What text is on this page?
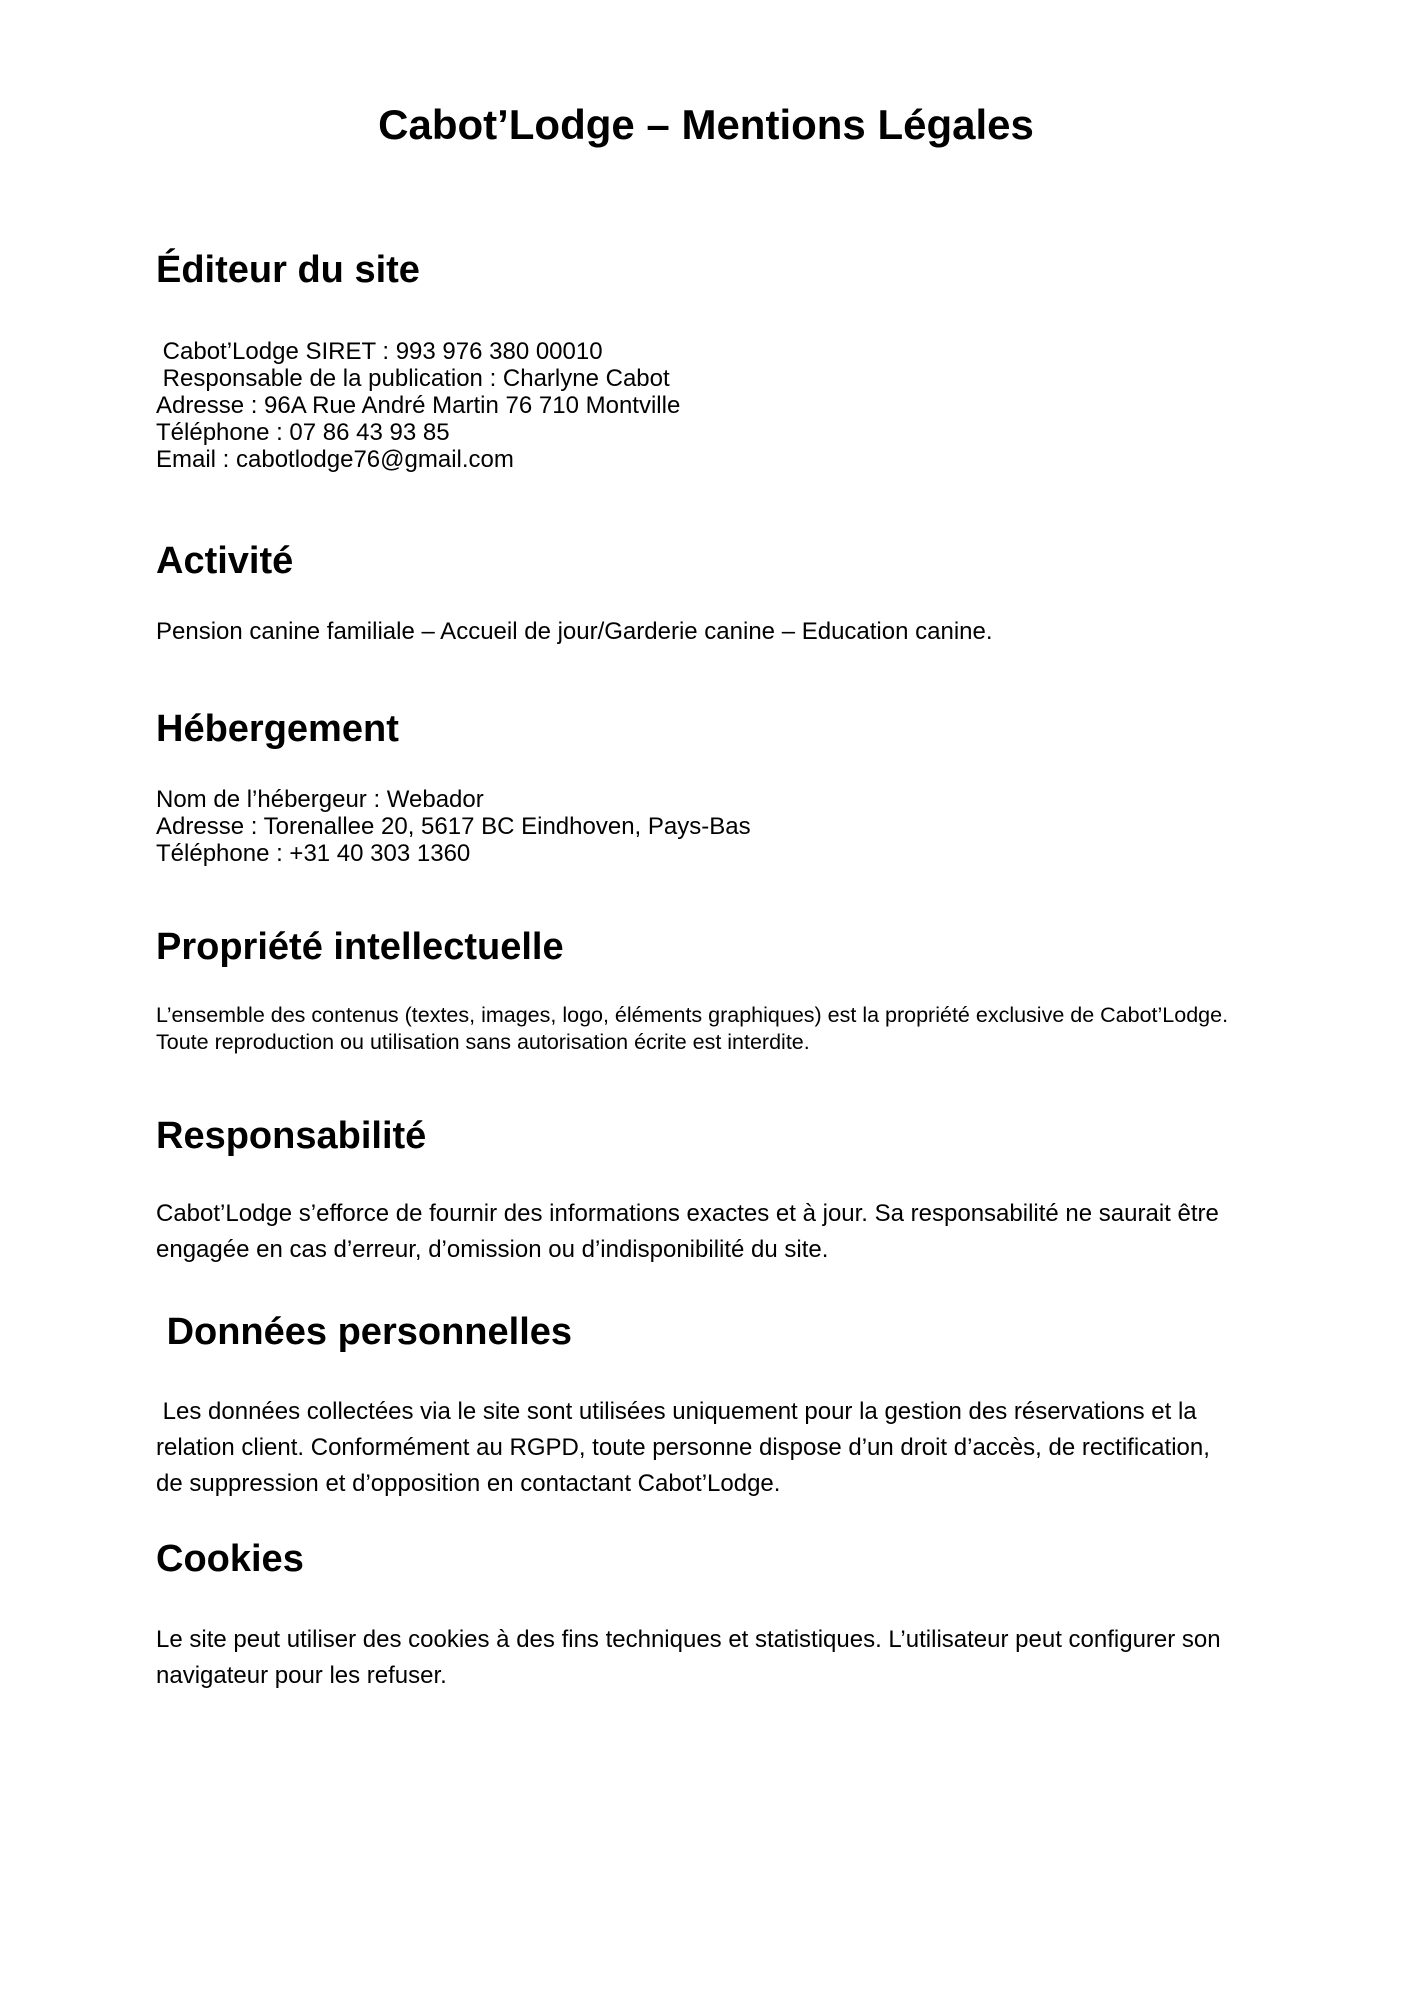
Cabot’Lodge – Mentions Légales
Éditeur du site
Cabot’Lodge SIRET : 993 976 380 00010
Responsable de la publication : Charlyne Cabot
Adresse : 96A Rue André Martin 76 710 Montville
Téléphone : 07 86 43 93 85
Email : cabotlodge76@gmail.com
Activité
Pension canine familiale – Accueil de jour/Garderie canine – Education canine.
Hébergement
Nom de l’hébergeur : Webador
Adresse : Torenallee 20, 5617 BC Eindhoven, Pays-Bas
Téléphone : +31 40 303 1360
Propriété intellectuelle
L’ensemble des contenus (textes, images, logo, éléments graphiques) est la propriété exclusive de Cabot’Lodge.
Toute reproduction ou utilisation sans autorisation écrite est interdite.
Responsabilité
Cabot’Lodge s’efforce de fournir des informations exactes et à jour. Sa responsabilité ne saurait être
engagée en cas d’erreur, d’omission ou d’indisponibilité du site.
Données personnelles
Les données collectées via le site sont utilisées uniquement pour la gestion des réservations et la
relation client. Conformément au RGPD, toute personne dispose d’un droit d’accès, de rectification,
de suppression et d’opposition en contactant Cabot’Lodge.
Cookies
Le site peut utiliser des cookies à des fins techniques et statistiques. L’utilisateur peut configurer son
navigateur pour les refuser.
